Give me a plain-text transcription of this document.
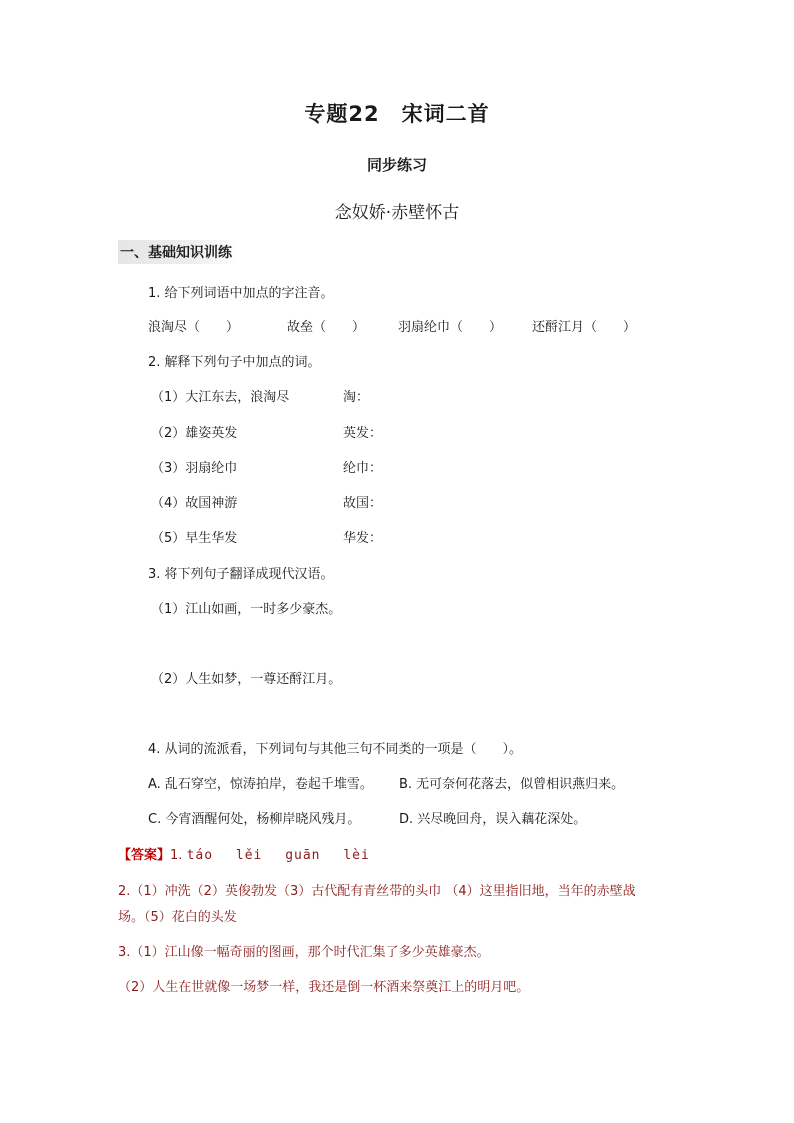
专题22　宋词二首
同步练习
念奴娇·赤壁怀古
一、基础知识训练
1. 给下列词语中加点的字注音。
浪淘尽（　　）	故垒（　　）	羽扇纶巾（　　） 还酹江月（　　）
2. 解释下列句子中加点的词。
（1）大江东去，浪淘尽	淘：
（2）雄姿英发	英发：
（3）羽扇纶巾	纶巾：
（4）故国神游	故国：
（5）早生华发	华发：
3. 将下列句子翻译成现代汉语。
（1）江山如画，一时多少豪杰。
（2）人生如梦，一尊还酹江月。
4. 从词的流派看，下列词句与其他三句不同类的一项是（　　）。
A. 乱石穿空，惊涛拍岸，卷起千堆雪。 B. 无可奈何花落去，似曾相识燕归来。
C. 今宵酒醒何处，杨柳岸晓风残月。	D. 兴尽晚回舟，误入藕花深处。
【答案】1. táo lěi guān lèi
2.（1）冲洗（2）英俊勃发（3）古代配有青丝带的头巾 （4）这里指旧地，当年的赤壁战
场。（5）花白的头发
3.（1）江山像一幅奇丽的图画，那个时代汇集了多少英雄豪杰。
（2）人生在世就像一场梦一样，我还是倒一杯酒来祭奠江上的明月吧。
